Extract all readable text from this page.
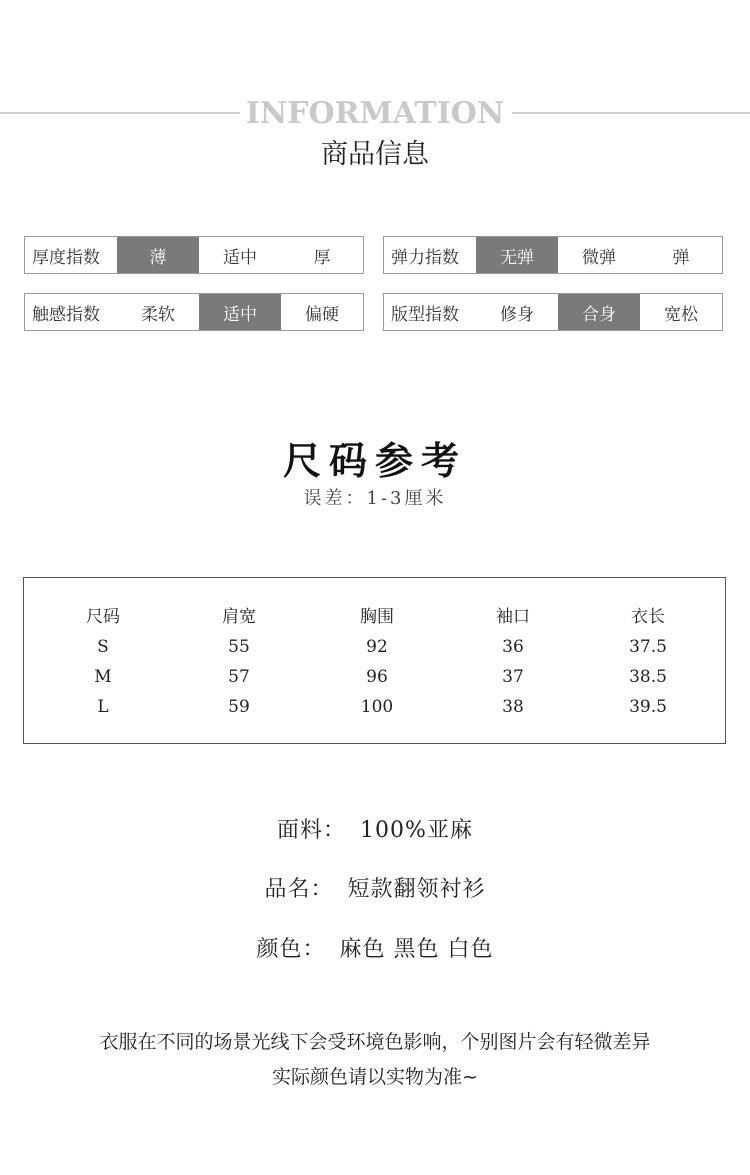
INFORMATION
商品信息
厚度指数	薄	适中	厚	弹力指数	无弹	微弹	弹
触感指数	柔软	适中	偏硬	版型指数	修身	合身	宽松
尺码参考
误差：1-3厘米
尺码	肩宽	胸围	袖口	衣长
S	55	92	36	37.5
M	57	96	37	38.5
L	59	100	38	39.5
面料： 100%亚麻
品名： 短款翻领衬衫
颜色： 麻色 黑色 白色
衣服在不同的场景光线下会受环境色影响，个别图片会有轻微差异
实际颜色请以实物为准~
